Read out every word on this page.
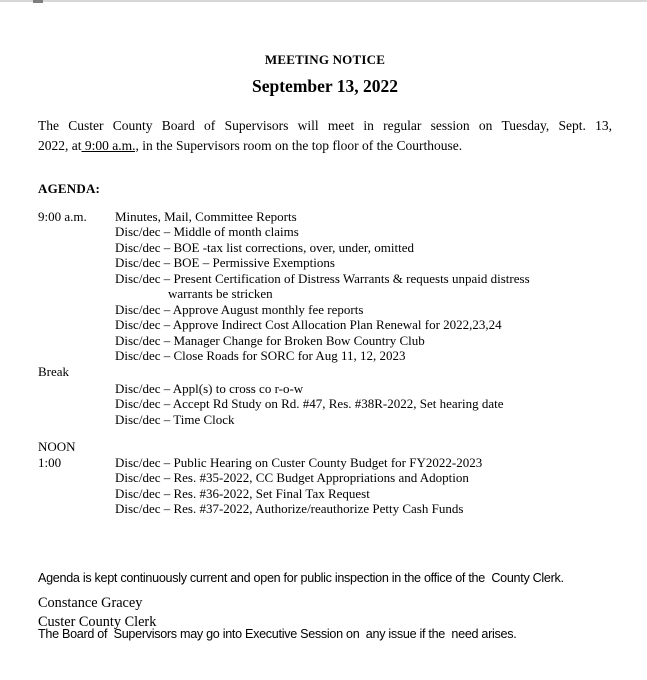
MEETING NOTICE
September 13, 2022
The Custer County Board of Supervisors will meet in regular session on Tuesday, Sept. 13,
2022, at 9:00 a.m., in the Supervisors room on the top floor of the Courthouse.
AGENDA:
9:00 a.m.	Minutes, Mail, Committee Reports
Disc/dec – Middle of month claims
Disc/dec – BOE -tax list corrections, over, under, omitted
Disc/dec – BOE – Permissive Exemptions
Disc/dec – Present Certification of Distress Warrants & requests unpaid distress
warrants be stricken
Disc/dec – Approve August monthly fee reports
Disc/dec – Approve Indirect Cost Allocation Plan Renewal for 2022,23,24
Disc/dec – Manager Change for Broken Bow Country Club
Disc/dec – Close Roads for SORC for Aug 11, 12, 2023
Break
Disc/dec – Appl(s) to cross co r-o-w
Disc/dec – Accept Rd Study on Rd. #47, Res. #38R-2022, Set hearing date
Disc/dec – Time Clock
NOON
1:00	Disc/dec – Public Hearing on Custer County Budget for FY2022-2023
Disc/dec – Res. #35-2022, CC Budget Appropriations and Adoption
Disc/dec – Res. #36-2022, Set Final Tax Request
Disc/dec – Res. #37-2022, Authorize/reauthorize Petty Cash Funds

Agenda is kept continuously current and open for public inspection in the office of the  County Clerk.

The Board of  Supervisors may go into Executive Session on  any issue if the  need arises.

Constance Gracey
Custer County Clerk
